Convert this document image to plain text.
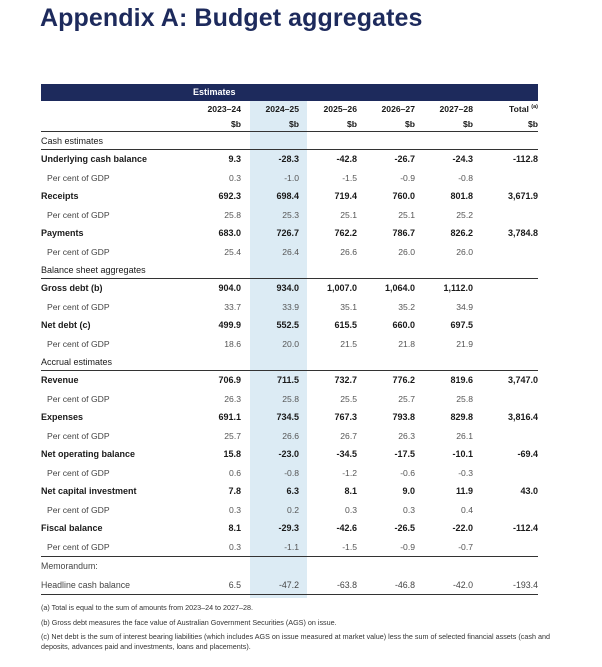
Appendix A: Budget aggregates
Estimates
	2023–24	2024–25	2025–26	2026–27	2027–28	Total $^{(a)}$
	$b	$b	$b	$b	$b	$b
Cash estimates						
Underlying cash balance	9.3	-28.3	-42.8	-26.7	-24.3	-112.8
Per cent of GDP	0.3	-1.0	-1.5	-0.9	-0.8	
Receipts	692.3	698.4	719.4	760.0	801.8	3,671.9
Per cent of GDP	25.8	25.3	25.1	25.1	25.2	
Payments	683.0	726.7	762.2	786.7	826.2	3,784.8
Per cent of GDP	25.4	26.4	26.6	26.0	26.0	
Balance sheet aggregates						
Gross debt (b)	904.0	934.0	1,007.0	1,064.0	1,112.0	
Per cent of GDP	33.7	33.9	35.1	35.2	34.9	
Net debt (c)	499.9	552.5	615.5	660.0	697.5	
Per cent of GDP	18.6	20.0	21.5	21.8	21.9	
Accrual estimates						
Revenue	706.9	711.5	732.7	776.2	819.6	3,747.0
Per cent of GDP	26.3	25.8	25.5	25.7	25.8	
Expenses	691.1	734.5	767.3	793.8	829.8	3,816.4
Per cent of GDP	25.7	26.6	26.7	26.3	26.1	
Net operating balance	15.8	-23.0	-34.5	-17.5	-10.1	-69.4
Per cent of GDP	0.6	-0.8	-1.2	-0.6	-0.3	
Net capital investment	7.8	6.3	8.1	9.0	11.9	43.0
Per cent of GDP	0.3	0.2	0.3	0.3	0.4	
Fiscal balance	8.1	-29.3	-42.6	-26.5	-22.0	-112.4
Per cent of GDP	0.3	-1.1	-1.5	-0.9	-0.7	
Memorandum:						
Headline cash balance	6.5	-47.2	-63.8	-46.8	-42.0	-193.4

(a) Total is equal to the sum of amounts from 2023–24 to 2027–28.

(b) Gross debt measures the face value of Australian Government Securities (AGS) on issue.

(c) Net debt is the sum of interest bearing liabilities (which includes AGS on issue measured at market value) less the sum of selected financial assets (cash and deposits, advances paid and investments, loans and placements).
